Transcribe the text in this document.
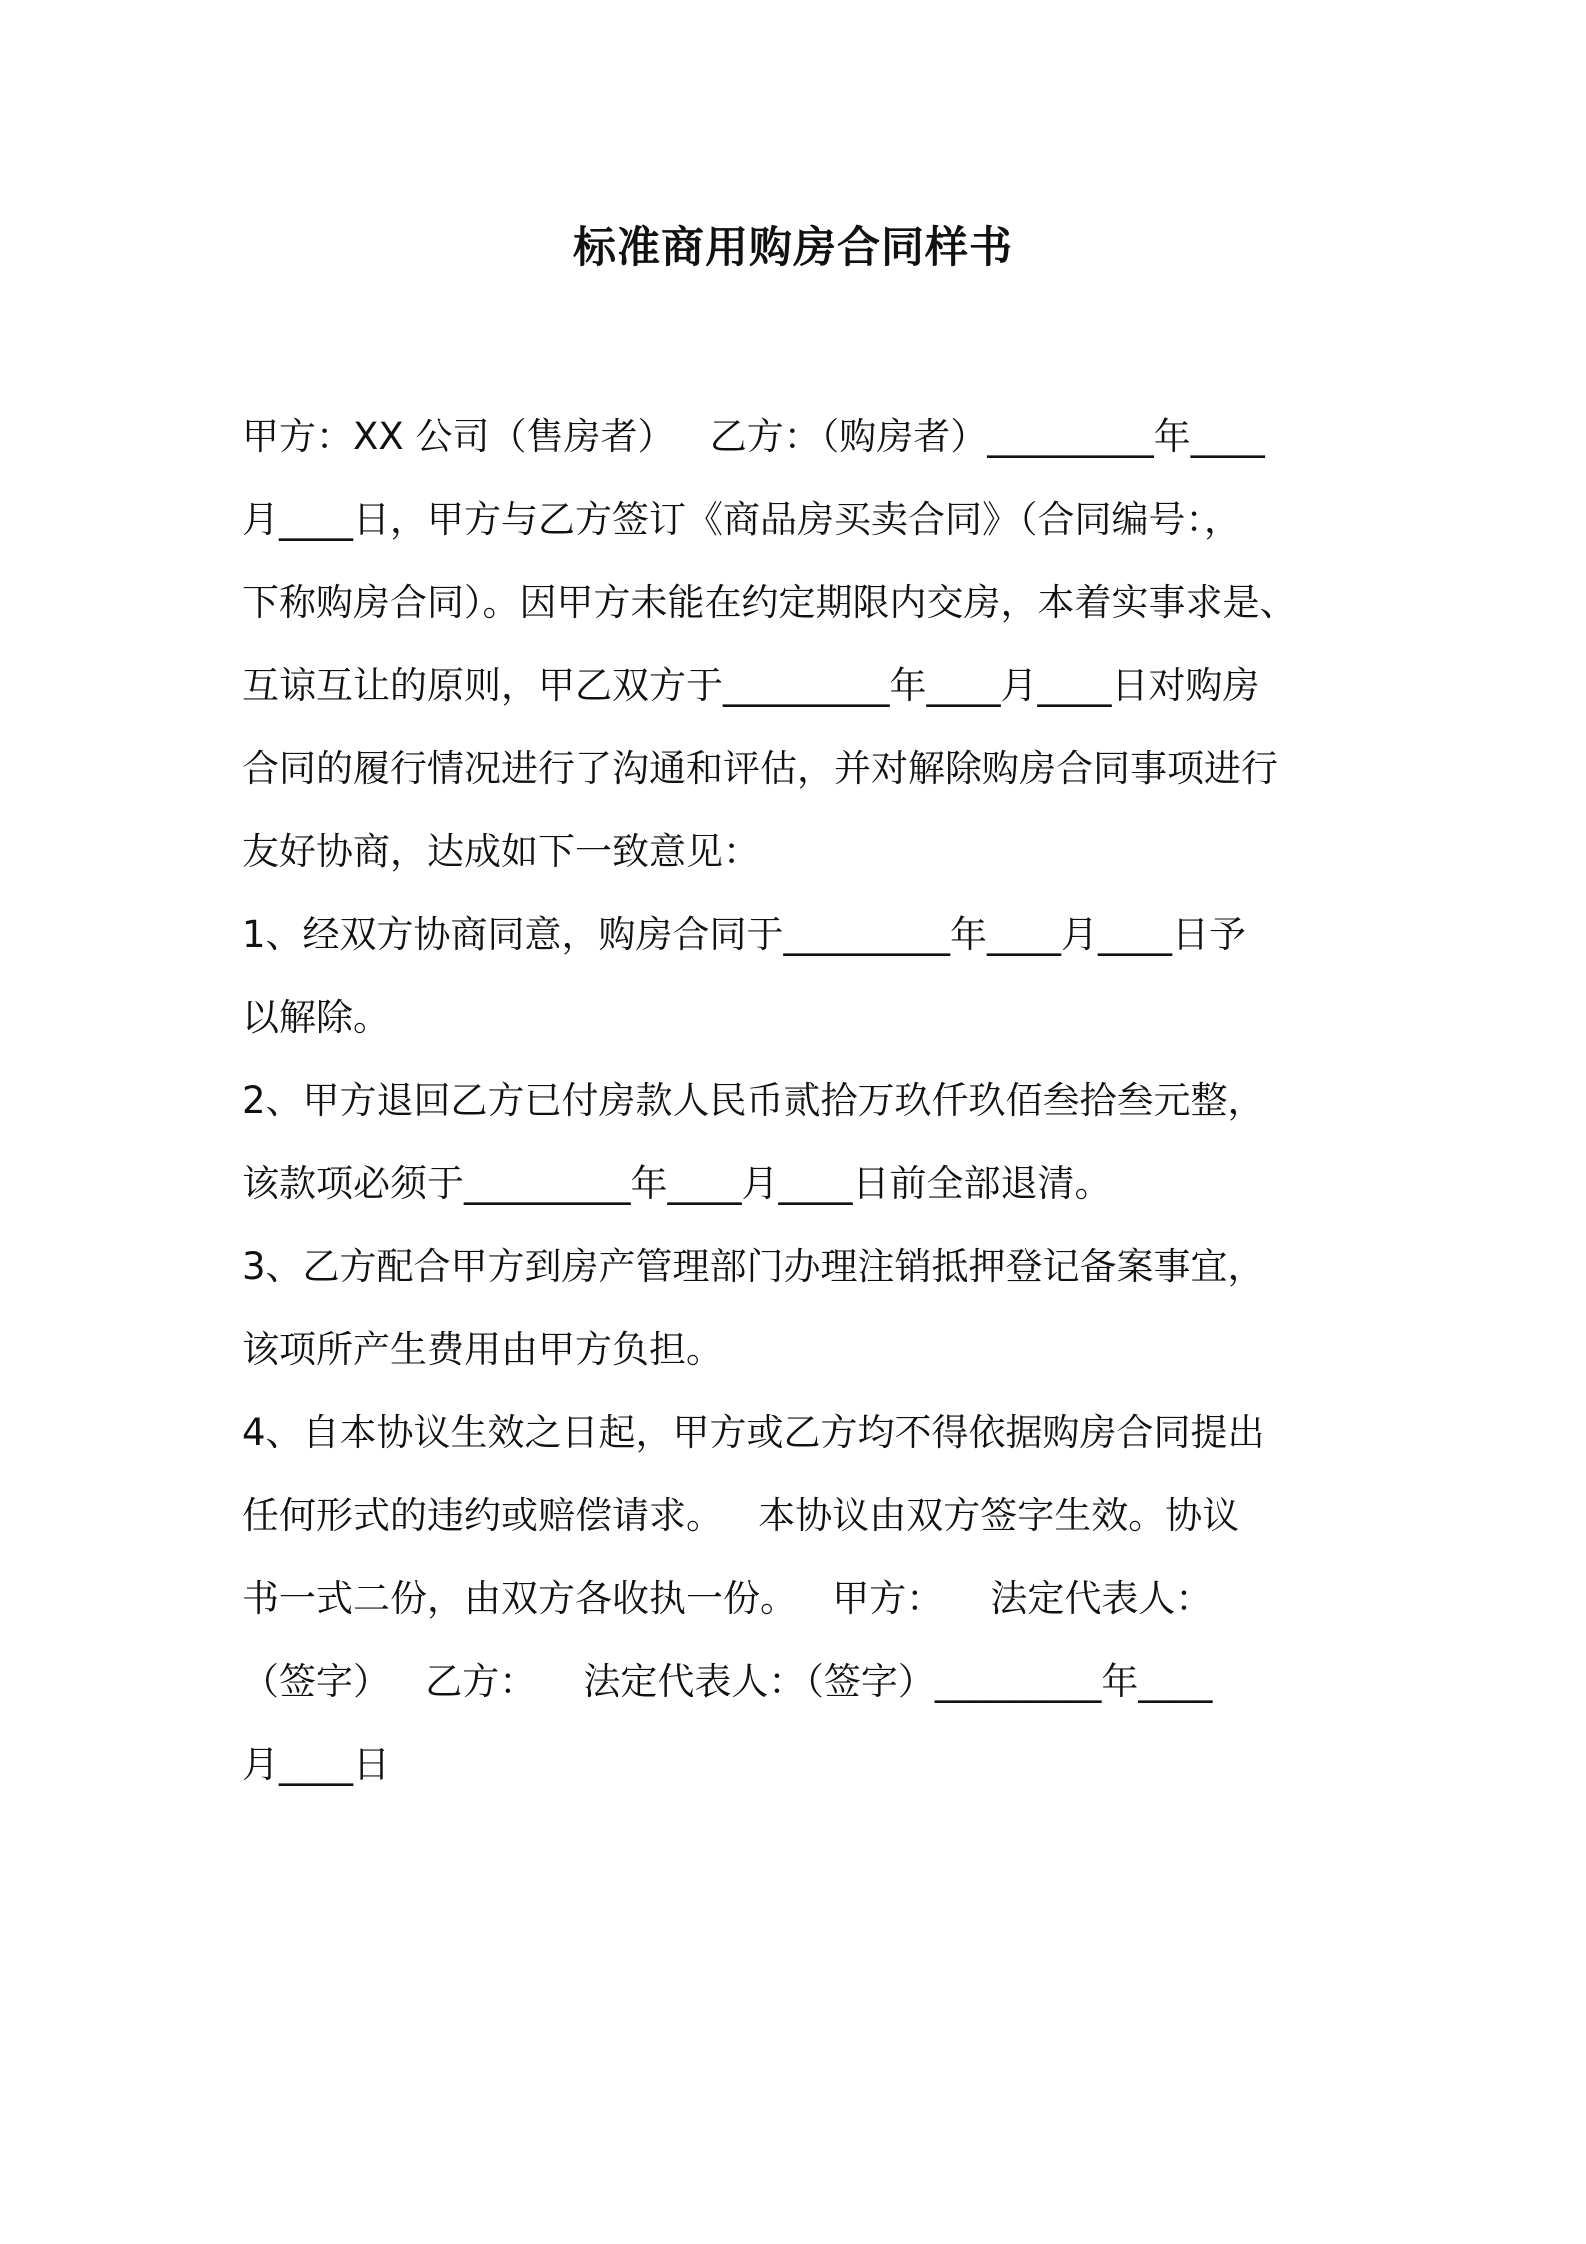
标准商用购房合同样书
甲方：XX 公司（售房者）   乙方：（购房者）_________年____
月____日，甲方与乙方签订《商品房买卖合同》（合同编号：，
下称购房合同）。因甲方未能在约定期限内交房，本着实事求是、
互谅互让的原则，甲乙双方于_________年____月____日对购房
合同的履行情况进行了沟通和评估，并对解除购房合同事项进行
友好协商，达成如下一致意见：
1、经双方协商同意，购房合同于_________年____月____日予
以解除。
2、甲方退回乙方已付房款人民币贰拾万玖仟玖佰叁拾叁元整，
该款项必须于_________年____月____日前全部退清。
3、乙方配合甲方到房产管理部门办理注销抵押登记备案事宜，
该项所产生费用由甲方负担。
4、自本协议生效之日起，甲方或乙方均不得依据购房合同提出
任何形式的违约或赔偿请求。   本协议由双方签字生效。协议
书一式二份，由双方各收执一份。   甲方：    法定代表人：
（签字）   乙方：    法定代表人：（签字）_________年____
月____日
